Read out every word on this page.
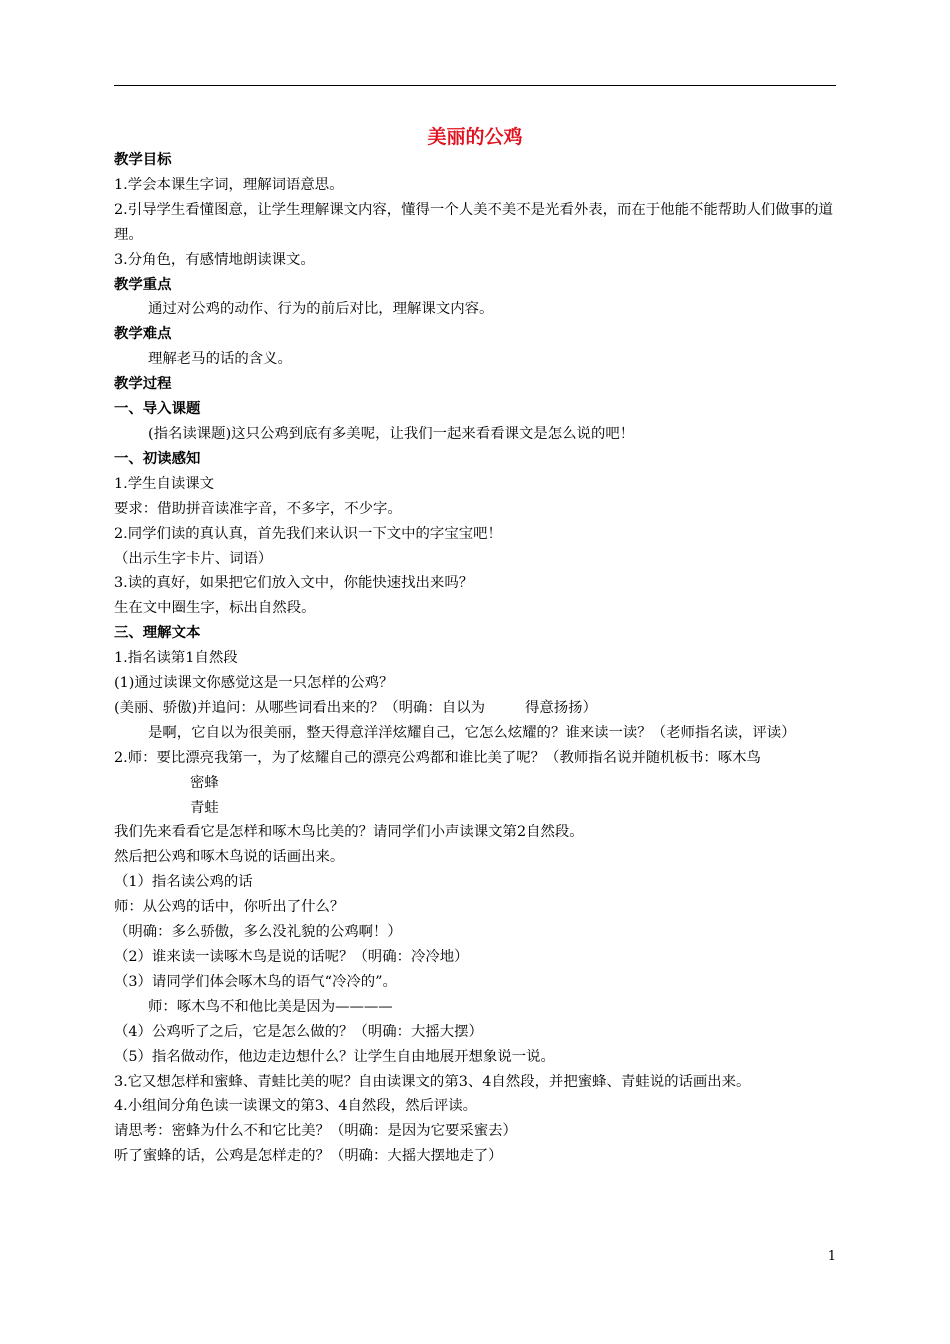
美丽的公鸡
教学目标
1.学会本课生字词，理解词语意思。
2.引导学生看懂图意，让学生理解课文内容，懂得一个人美不美不是光看外表，而在于他能不能帮助人们做事的道理。
3.分角色，有感情地朗读课文。
教学重点
通过对公鸡的动作、行为的前后对比，理解课文内容。
教学难点
理解老马的话的含义。
教学过程
一、导入课题
(指名读课题)这只公鸡到底有多美呢，让我们一起来看看课文是怎么说的吧！
一、初读感知
1.学生自读课文
要求：借助拼音读准字音，不多字，不少字。
2.同学们读的真认真，首先我们来认识一下文中的字宝宝吧！
（出示生字卡片、词语）
3.读的真好，如果把它们放入文中，你能快速找出来吗？
生在文中圈生字，标出自然段。
三、理解文本
1.指名读第1自然段
(1)通过读课文你感觉这是一只怎样的公鸡？
(美丽、骄傲)并追问：从哪些词看出来的？（明确：自以为	得意扬扬）
是啊，它自以为很美丽，整天得意洋洋炫耀自己，它怎么炫耀的？谁来读一读？（老师指名读，评读）
2.师：要比漂亮我第一，为了炫耀自己的漂亮公鸡都和谁比美了呢？（教师指名说并随机板书：啄木鸟
密蜂
青蛙
我们先来看看它是怎样和啄木鸟比美的？请同学们小声读课文第2自然段。
然后把公鸡和啄木鸟说的话画出来。
（1）指名读公鸡的话
师：从公鸡的话中，你听出了什么？
（明确：多么骄傲，多么没礼貌的公鸡啊！）
（2）谁来读一读啄木鸟是说的话呢？（明确：冷冷地）
（3）请同学们体会啄木鸟的语气“冷冷的”。
师：啄木鸟不和他比美是因为————
（4）公鸡听了之后，它是怎么做的？（明确：大摇大摆）
（5）指名做动作，他边走边想什么？让学生自由地展开想象说一说。
3.它又想怎样和蜜蜂、青蛙比美的呢？自由读课文的第3、4自然段，并把蜜蜂、青蛙说的话画出来。
4.小组间分角色读一读课文的第3、4自然段，然后评读。
请思考：密蜂为什么不和它比美？（明确：是因为它要采蜜去）
听了蜜蜂的话，公鸡是怎样走的？（明确：大摇大摆地走了）
1
